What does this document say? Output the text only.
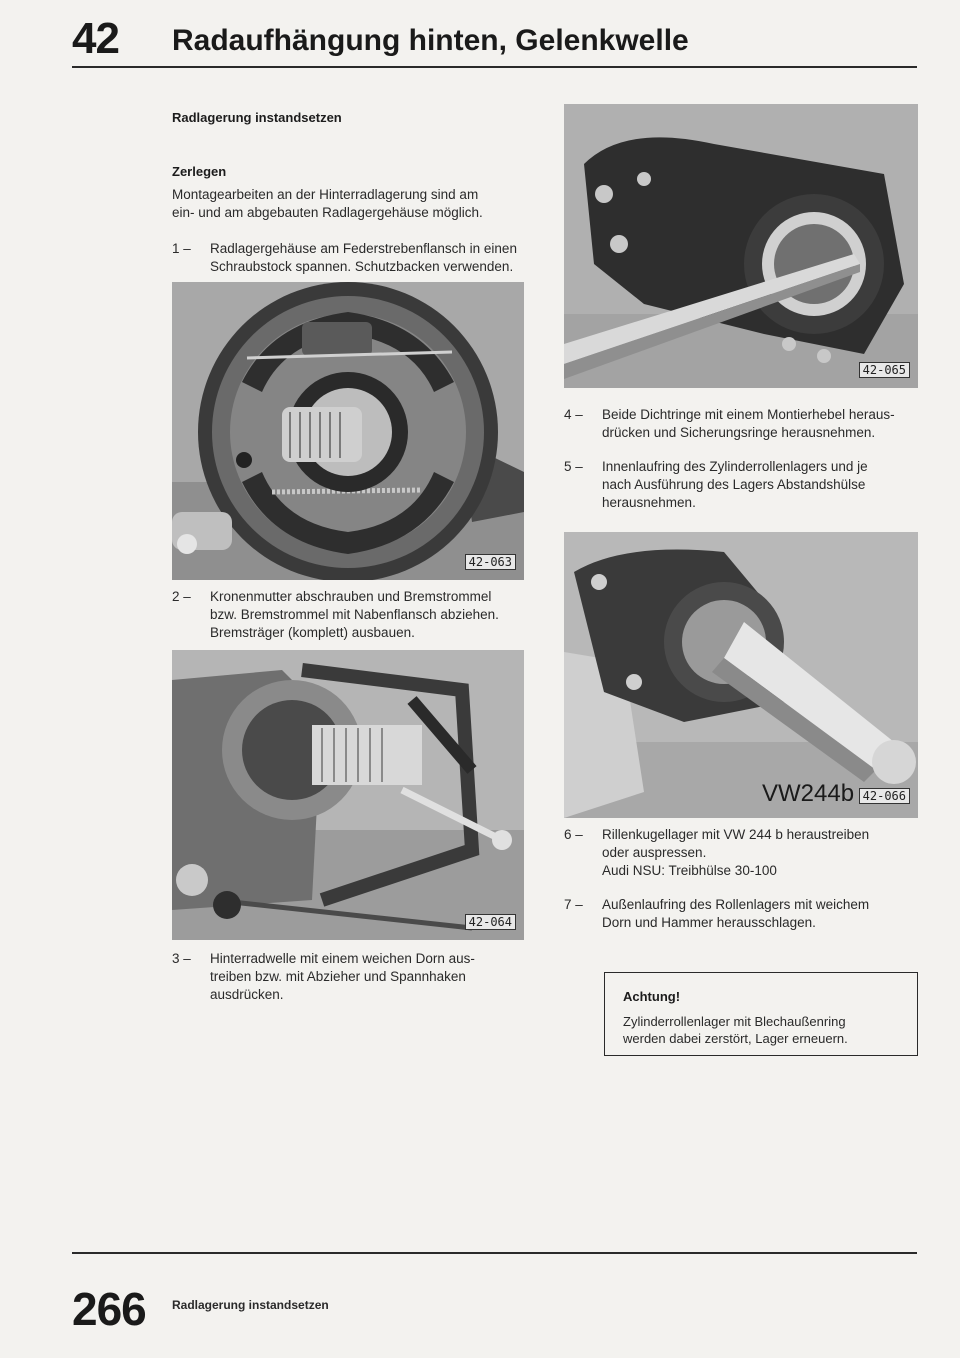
42 Radaufhängung hinten, Gelenkwelle
Radlagerung instandsetzen
Zerlegen
Montagearbeiten an der Hinterradlagerung sind am
ein- und am abgebauten Radlagergehäuse möglich.
1 – Radlagergehäuse am Federstrebenflansch in einen
Schraubstock spannen. Schutzbacken verwenden.
42-063
2 – Kronenmutter abschrauben und Bremstrommel
bzw. Bremstrommel mit Nabenflansch abziehen.
Bremsträger (komplett) ausbauen.
42-064
3 – Hinterradwelle mit einem weichen Dorn aus-
treiben bzw. mit Abzieher und Spannhaken
ausdrücken.
42-065
4 – Beide Dichtringe mit einem Montierhebel heraus-
drücken und Sicherungsringe herausnehmen.
5 – Innenlaufring des Zylinderrollenlagers und je
nach Ausführung des Lagers Abstandshülse
herausnehmen.
VW244b 42-066
6 – Rillenkugellager mit VW 244 b heraustreiben
oder auspressen.
Audi NSU: Treibhülse 30-100
7 – Außenlaufring des Rollenlagers mit weichem
Dorn und Hammer herausschlagen.
Achtung!
Zylinderrollenlager mit Blechaußenring
werden dabei zerstört, Lager erneuern.
266 Radlagerung instandsetzen
